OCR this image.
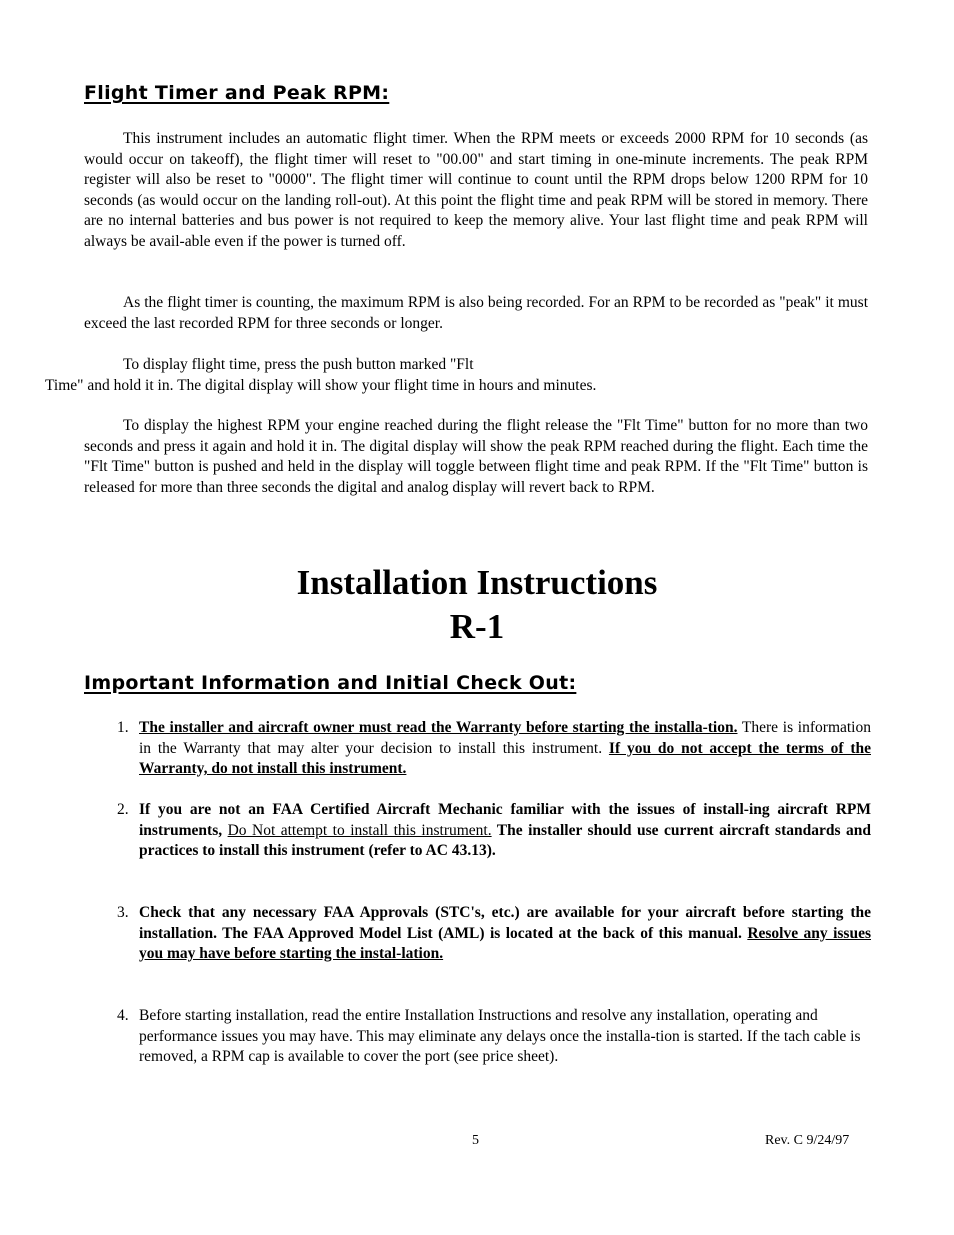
Flight Timer and Peak RPM:

This instrument includes an automatic flight timer. When the RPM meets or exceeds 2000 RPM for 10 seconds (as would occur on takeoff), the flight timer will reset to "00.00" and start timing in one-minute increments. The peak RPM register will also be reset to "0000". The flight timer will continue to count until the RPM drops below 1200 RPM for 10 seconds (as would occur on the landing roll-out). At this point the flight time and peak RPM will be stored in memory. There are no internal batteries and bus power is not required to keep the memory alive. Your last flight time and peak RPM will always be avail-able even if the power is turned off.

As the flight timer is counting, the maximum RPM is also being recorded. For an RPM to be recorded as "peak" it must exceed the last recorded RPM for three seconds or longer.

To display flight time, press the push button marked "Flt
Time" and hold it in. The digital display will show your flight time in hours and minutes.

To display the highest RPM your engine reached during the flight release the "Flt Time" button for no more than two seconds and press it again and hold it in. The digital display will show the peak RPM reached during the flight. Each time the "Flt Time" button is pushed and held in the display will toggle between flight time and peak RPM. If the "Flt Time" button is released for more than three seconds the digital and analog display will revert back to RPM.

Installation Instructions
R-1
Important Information and Initial Check Out:

1. The installer and aircraft owner must read the Warranty before starting the installa-tion. There is information in the Warranty that may alter your decision to install this instrument. If you do not accept the terms of the Warranty, do not install this instrument.

2. If you are not an FAA Certified Aircraft Mechanic familiar with the issues of install-ing aircraft RPM instruments, Do Not attempt to install this instrument. The installer should use current aircraft standards and practices to install this instrument (refer to AC 43.13).

3. Check that any necessary FAA Approvals (STC's, etc.) are available for your aircraft before starting the installation. The FAA Approved Model List (AML) is located at the back of this manual. Resolve any issues you may have before starting the instal-lation.

4. Before starting installation, read the entire Installation Instructions and resolve any installation, operating and performance issues you may have. This may eliminate any delays once the installa-tion is started. If the tach cable is removed, a RPM cap is available to cover the port (see price sheet).

5	Rev. C 9/24/97
